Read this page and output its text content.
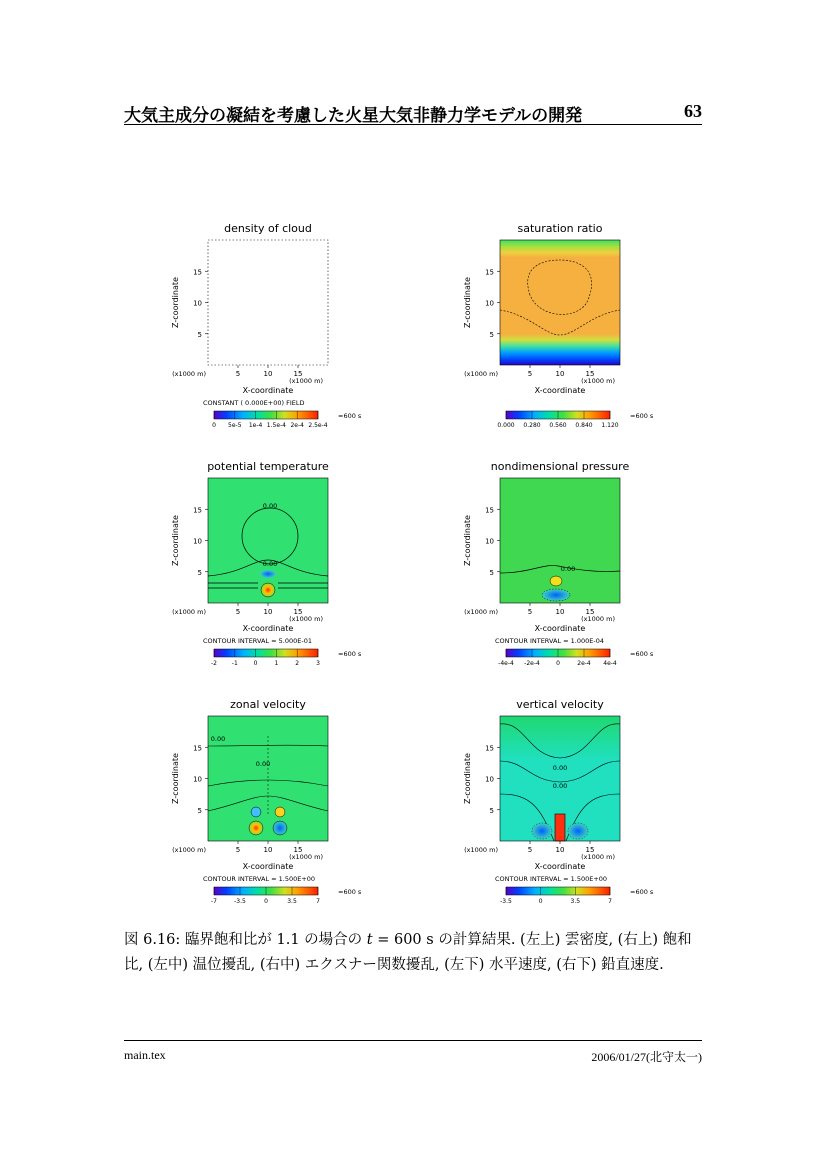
大気主成分の凝結を考慮した火星大気非静力学モデルの開発	63
density of cloud
15
10
5
5	10	15
Z-coordinate
(x1000 m)
(x1000 m)
X-coordinate
CONSTANT ( 0.000E+00) FIELD
0 5e-5 1e-4 1.5e-4 2e-4 2.5e-4
=600 s
saturation ratio
15
10
5
5	10	15
Z-coordinate
(x1000 m)
(x1000 m)
X-coordinate
0.000 0.280 0.560 0.840 1.120
=600 s
potential temperature
15
10
5
5	10	15
Z-coordinate
(x1000 m)
(x1000 m)
X-coordinate
0.00
0.00
CONTOUR INTERVAL = 5.000E-01
-2 -1	0	1	2	3
=600 s
nondimensional pressure
15
10
5
5	10	15
Z-coordinate
(x1000 m)
(x1000 m)
X-coordinate
0.00
CONTOUR INTERVAL = 1.000E-04
-4e-4 -2e-4	0	2e-4 4e-4
=600 s
zonal velocity
15
10
5
5	10	15
Z-coordinate
(x1000 m)
(x1000 m)
X-coordinate
0.00
0.00
CONTOUR INTERVAL = 1.500E+00
-7	-3.5	0	3.5	7
=600 s
vertical velocity
15
10
5
5	10	15
Z-coordinate
(x1000 m)
(x1000 m)
X-coordinate
0.00
0.00
CONTOUR INTERVAL = 1.500E+00
-3.5	0	3.5	7
=600 s
図 6.16: 臨界飽和比が 1.1 の場合の t = 600 s の計算結果. (左上) 雲密度, (右上) 飽和比, (左中) 温位擾乱, (右中) エクスナー関数擾乱, (左下) 水平速度, (右下) 鉛直速度.
main.tex	2006/01/27(北守太一)
